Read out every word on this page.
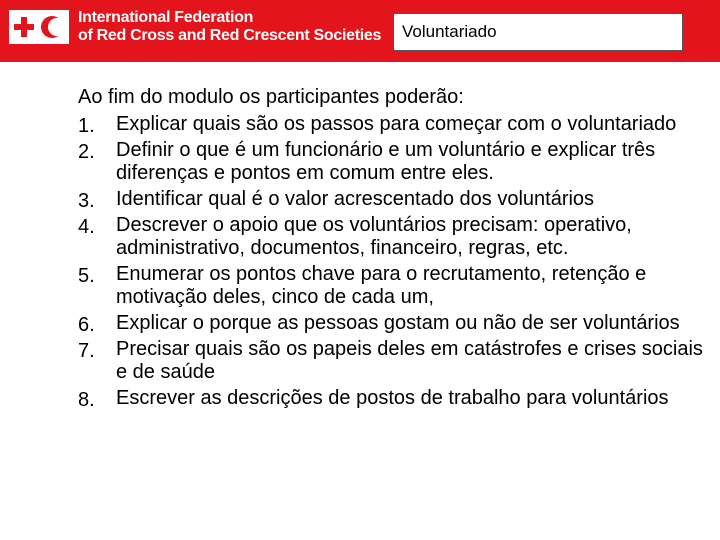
International Federation
of Red Cross and Red Crescent Societies Voluntariado

Ao fim do modulo os participantes poderão:

1. Explicar quais são os passos para começar com o voluntariado
2. Definir o que é um funcionário e um voluntário e explicar três diferenças e pontos em comum entre eles.
3. Identificar qual é o valor acrescentado dos voluntários
4. Descrever o apoio que os voluntários precisam: operativo, administrativo, documentos, financeiro, regras, etc.
5. Enumerar os pontos chave para o recrutamento, retenção e motivação deles, cinco de cada um,
6. Explicar o porque as pessoas gostam ou não de ser voluntários
7. Precisar quais são os papeis deles em catástrofes e crises sociais e de saúde
8. Escrever as descrições de postos de trabalho para voluntários
